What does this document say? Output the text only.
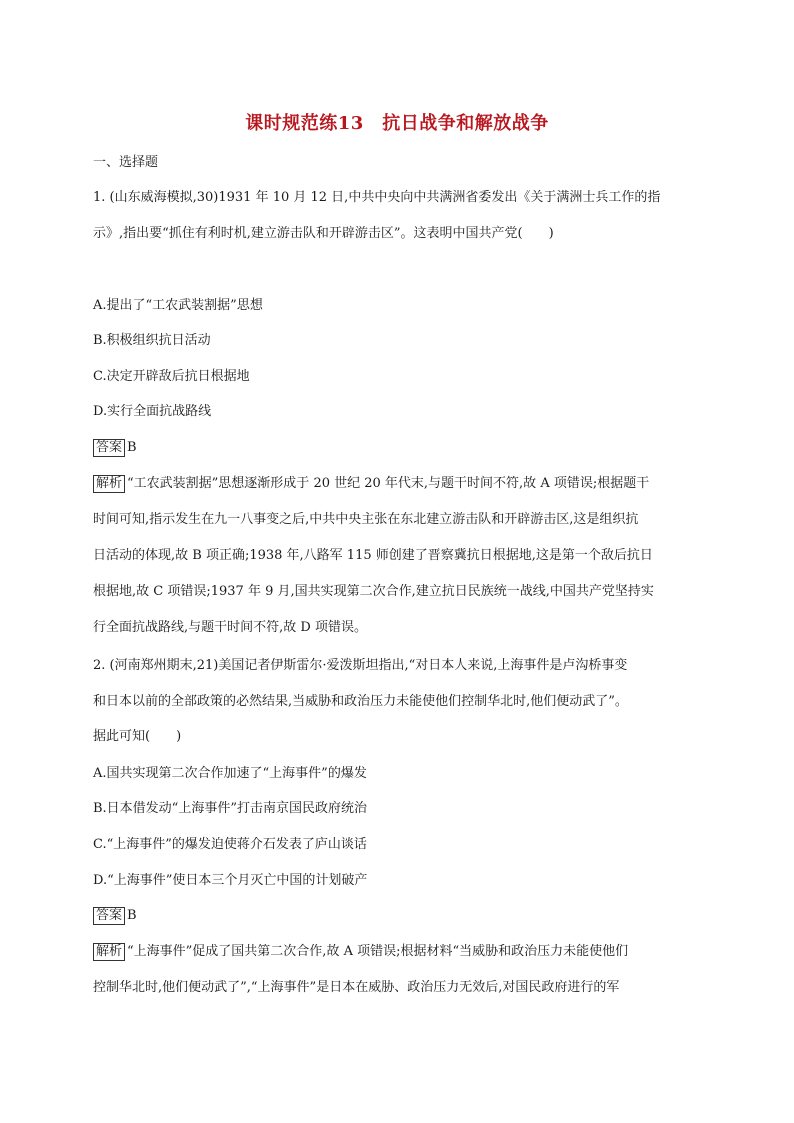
课时规范练13　抗日战争和解放战争
一、选择题
1. (山东威海模拟,30)1931 年 10 月 12 日,中共中央向中共满洲省委发出《关于满洲士兵工作的指
示》,指出要“抓住有利时机,建立游击队和开辟游击区”。这表明中国共产党(　　)
A.提出了“工农武装割据”思想
B.积极组织抗日活动
C.决定开辟敌后抗日根据地
D.实行全面抗战路线
答案 B
解析 “工农武装割据”思想逐渐形成于 20 世纪 20 年代末,与题干时间不符,故 A 项错误;根据题干
时间可知,指示发生在九一八事变之后,中共中央主张在东北建立游击队和开辟游击区,这是组织抗
日活动的体现,故 B 项正确;1938 年,八路军 115 师创建了晋察冀抗日根据地,这是第一个敌后抗日
根据地,故 C 项错误;1937 年 9 月,国共实现第二次合作,建立抗日民族统一战线,中国共产党坚持实
行全面抗战路线,与题干时间不符,故 D 项错误。
2. (河南郑州期末,21)美国记者伊斯雷尔·爱泼斯坦指出,“对日本人来说,上海事件是卢沟桥事变
和日本以前的全部政策的必然结果,当威胁和政治压力未能使他们控制华北时,他们便动武了”。
据此可知(　　)
A.国共实现第二次合作加速了“上海事件”的爆发
B.日本借发动“上海事件”打击南京国民政府统治
C.“上海事件”的爆发迫使蒋介石发表了庐山谈话
D.“上海事件”使日本三个月灭亡中国的计划破产
答案 B
解析 “上海事件”促成了国共第二次合作,故 A 项错误;根据材料“当威胁和政治压力未能使他们
控制华北时,他们便动武了”,“上海事件”是日本在威胁、政治压力无效后,对国民政府进行的军
